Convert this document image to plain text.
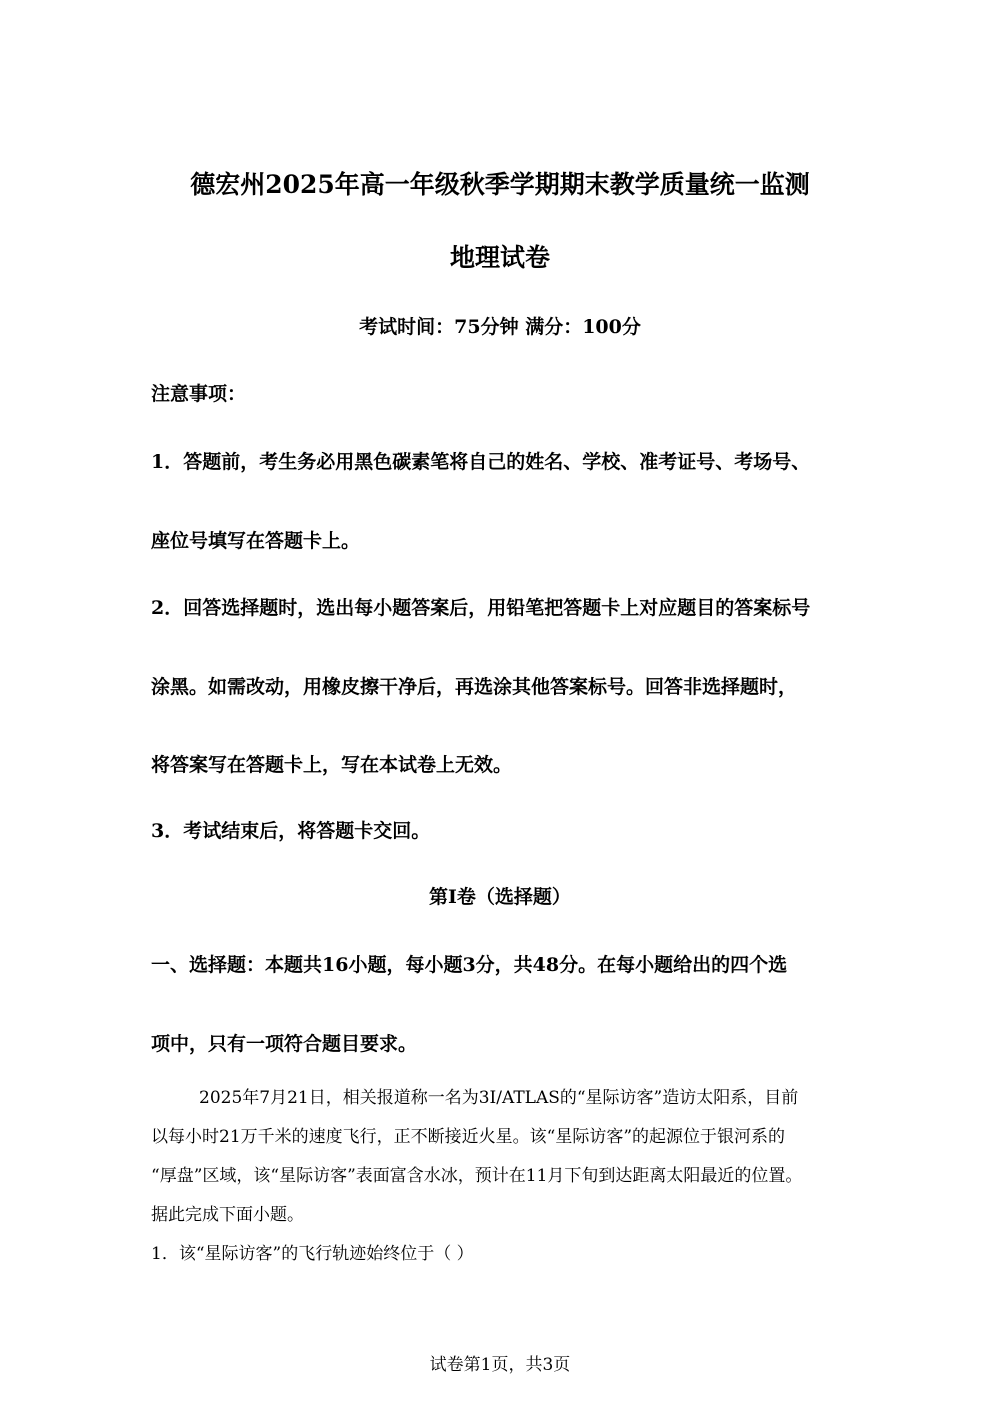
德宏州2025年高一年级秋季学期期末教学质量统一监测
地理试卷
考试时间：75分钟 满分：100分
注意事项：
1．答题前，考生务必用黑色碳素笔将自己的姓名、学校、准考证号、考场号、
座位号填写在答题卡上。
2．回答选择题时，选出每小题答案后，用铅笔把答题卡上对应题目的答案标号
涂黑。如需改动，用橡皮擦干净后，再选涂其他答案标号。回答非选择题时，
将答案写在答题卡上，写在本试卷上无效。
3．考试结束后，将答题卡交回。
第Ⅰ卷（选择题）
一、选择题：本题共16小题，每小题3分，共48分。在每小题给出的四个选
项中，只有一项符合题目要求。
2025年7月21日，相关报道称一名为3I/ATLAS的“星际访客”造访太阳系，目前
以每小时21万千米的速度飞行，正不断接近火星。该“星际访客”的起源位于银河系的
“厚盘”区域，该“星际访客”表面富含水冰，预计在11月下旬到达距离太阳最近的位置。
据此完成下面小题。
1．该“星际访客”的飞行轨迹始终位于（ ）
试卷第1页，共3页
